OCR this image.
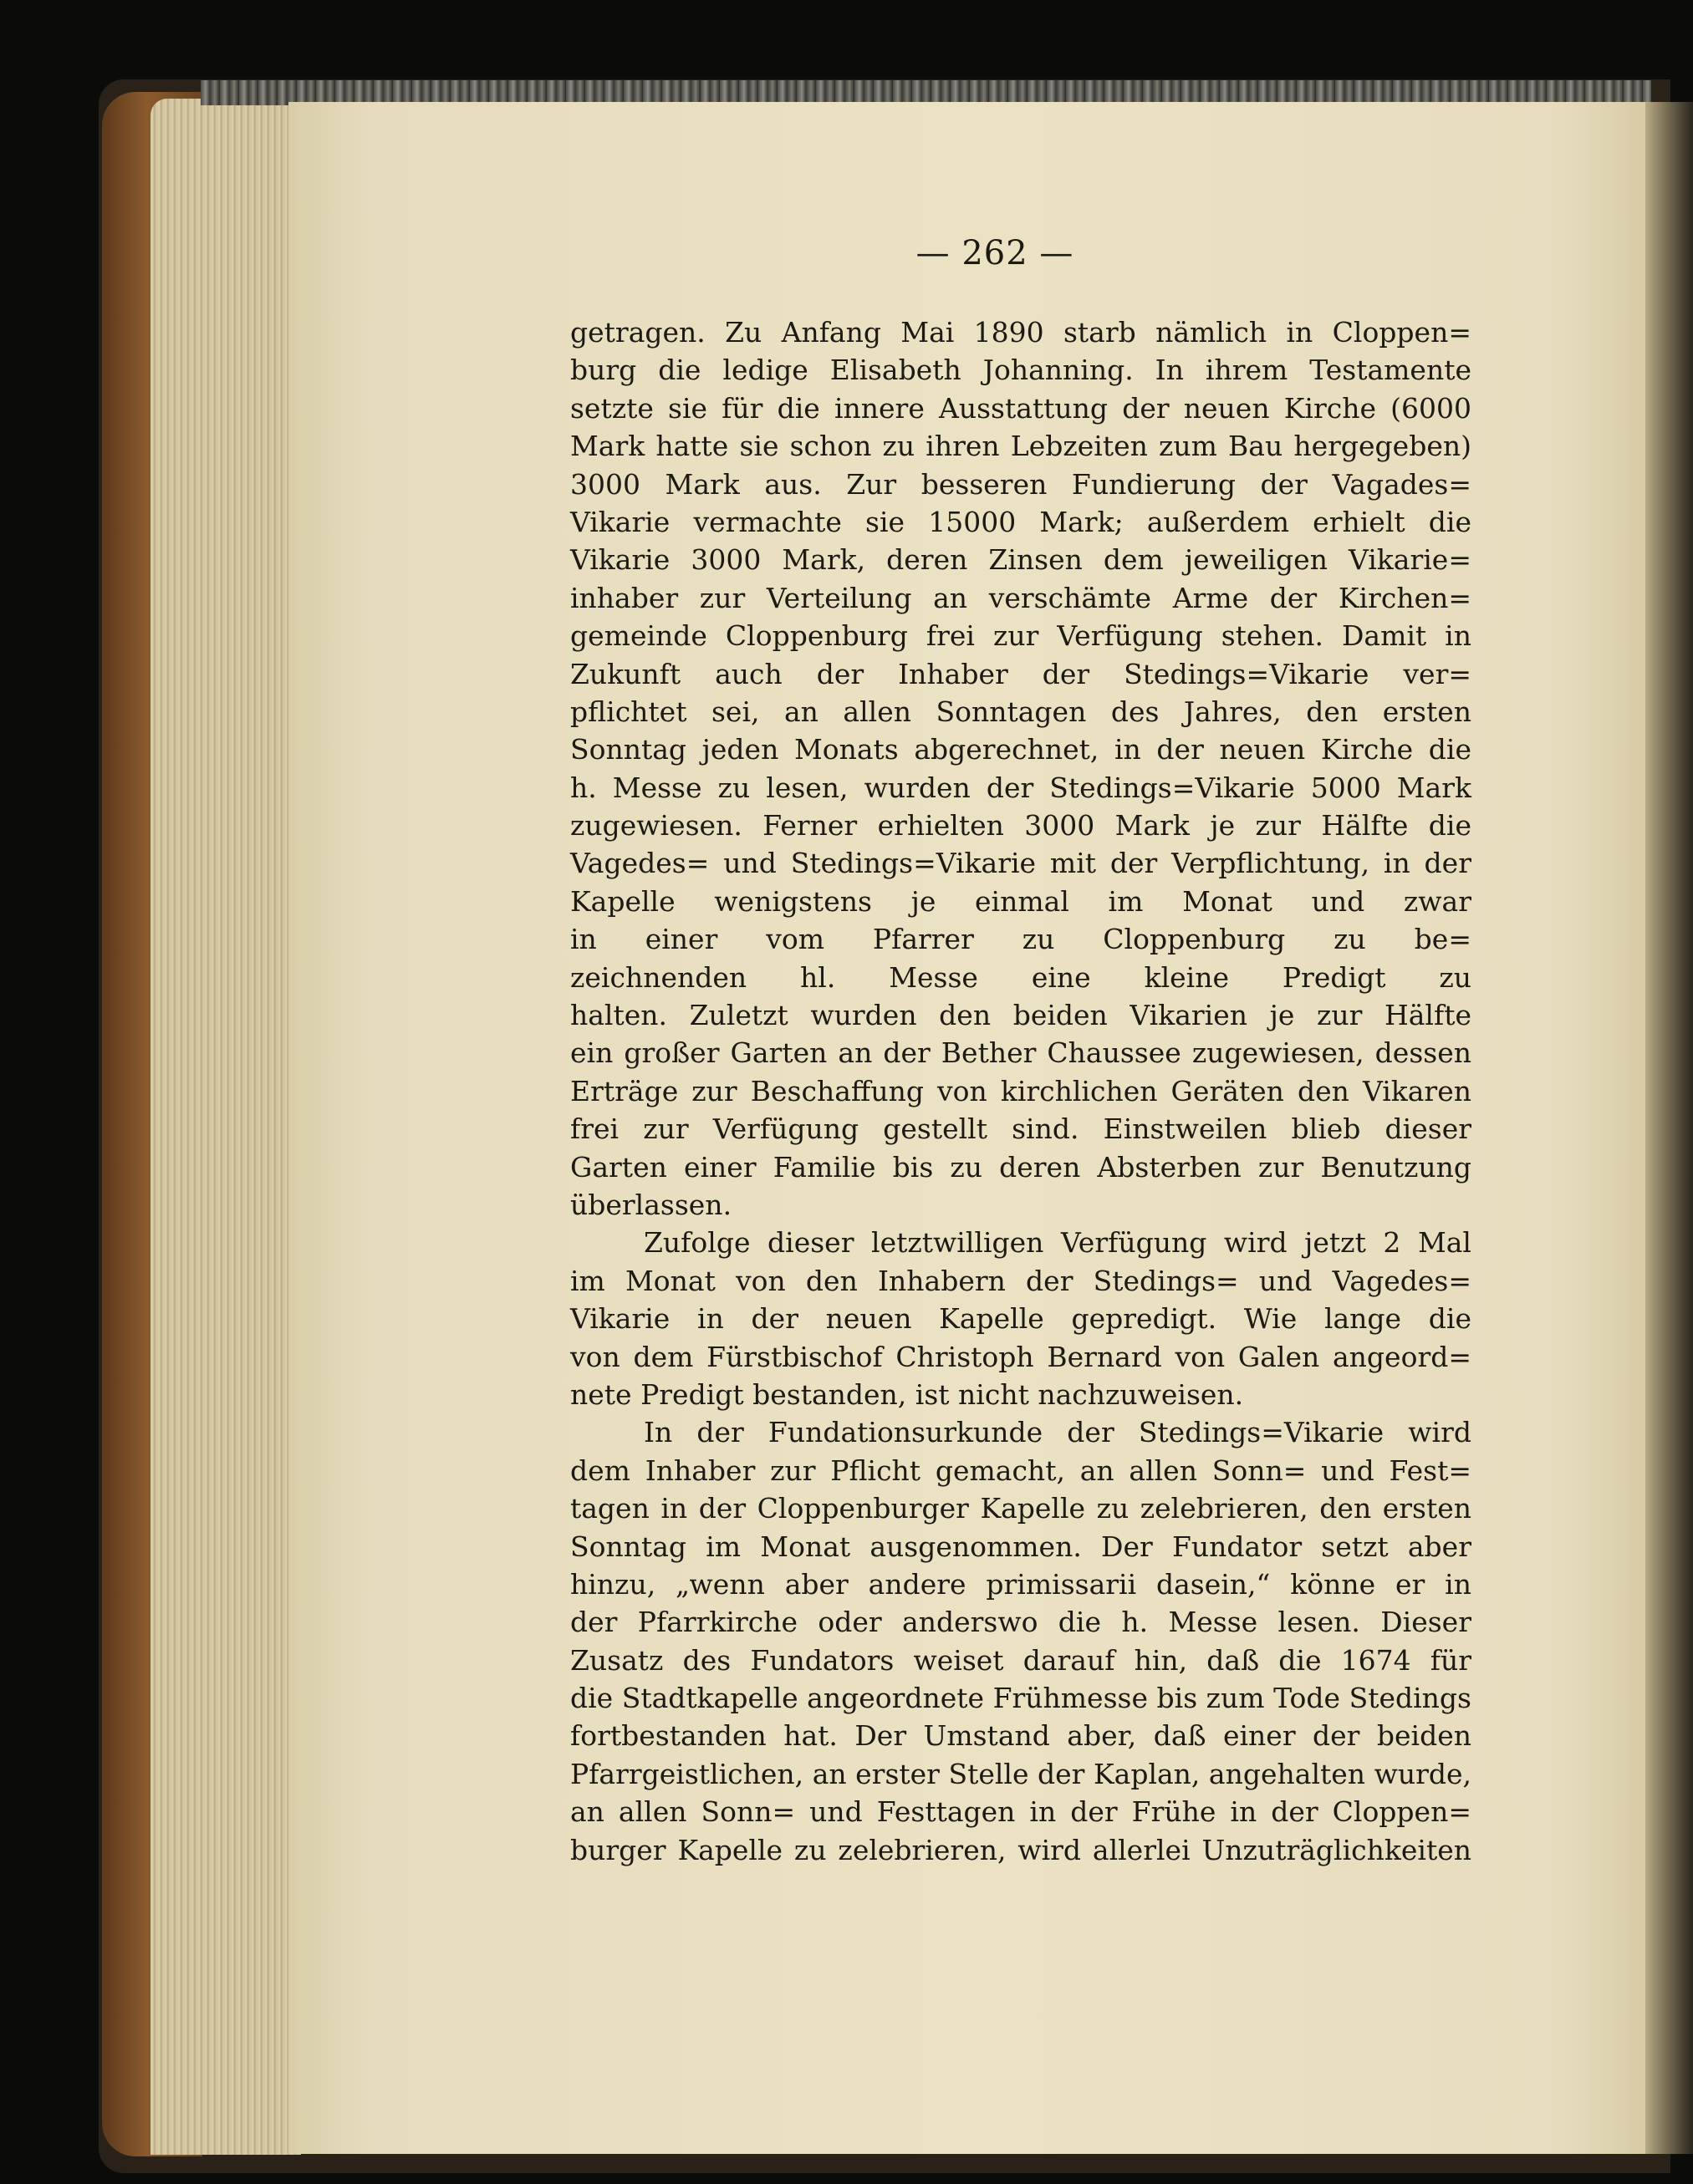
— 262 —
getragen. Zu Anfang Mai 1890 starb nämlich in Cloppen=
burg die ledige Elisabeth Johanning. In ihrem Testamente
setzte sie für die innere Ausstattung der neuen Kirche (6000
Mark hatte sie schon zu ihren Lebzeiten zum Bau hergegeben)
3000 Mark aus. Zur besseren Fundierung der Vagades=
Vikarie vermachte sie 15000 Mark; außerdem erhielt die
Vikarie 3000 Mark, deren Zinsen dem jeweiligen Vikarie=
inhaber zur Verteilung an verschämte Arme der Kirchen=
gemeinde Cloppenburg frei zur Verfügung stehen. Damit in
Zukunft auch der Inhaber der Stedings=Vikarie ver=
pflichtet sei, an allen Sonntagen des Jahres, den ersten
Sonntag jeden Monats abgerechnet, in der neuen Kirche die
h. Messe zu lesen, wurden der Stedings=Vikarie 5000 Mark
zugewiesen. Ferner erhielten 3000 Mark je zur Hälfte die
Vagedes= und Stedings=Vikarie mit der Verpflichtung, in der
Kapelle wenigstens je einmal im Monat und zwar
in einer vom Pfarrer zu Cloppenburg zu be=
zeichnenden hl. Messe eine kleine Predigt zu
halten. Zuletzt wurden den beiden Vikarien je zur Hälfte
ein großer Garten an der Bether Chaussee zugewiesen, dessen
Erträge zur Beschaffung von kirchlichen Geräten den Vikaren
frei zur Verfügung gestellt sind. Einstweilen blieb dieser
Garten einer Familie bis zu deren Absterben zur Benutzung
überlassen.
Zufolge dieser letztwilligen Verfügung wird jetzt 2 Mal
im Monat von den Inhabern der Stedings= und Vagedes=
Vikarie in der neuen Kapelle gepredigt. Wie lange die
von dem Fürstbischof Christoph Bernard von Galen angeord=
nete Predigt bestanden, ist nicht nachzuweisen.
In der Fundationsurkunde der Stedings=Vikarie wird
dem Inhaber zur Pflicht gemacht, an allen Sonn= und Fest=
tagen in der Cloppenburger Kapelle zu zelebrieren, den ersten
Sonntag im Monat ausgenommen. Der Fundator setzt aber
hinzu, „wenn aber andere primissarii dasein,“ könne er in
der Pfarrkirche oder anderswo die h. Messe lesen. Dieser
Zusatz des Fundators weiset darauf hin, daß die 1674 für
die Stadtkapelle angeordnete Frühmesse bis zum Tode Stedings
fortbestanden hat. Der Umstand aber, daß einer der beiden
Pfarrgeistlichen, an erster Stelle der Kaplan, angehalten wurde,
an allen Sonn= und Festtagen in der Frühe in der Cloppen=
burger Kapelle zu zelebrieren, wird allerlei Unzuträglichkeiten
